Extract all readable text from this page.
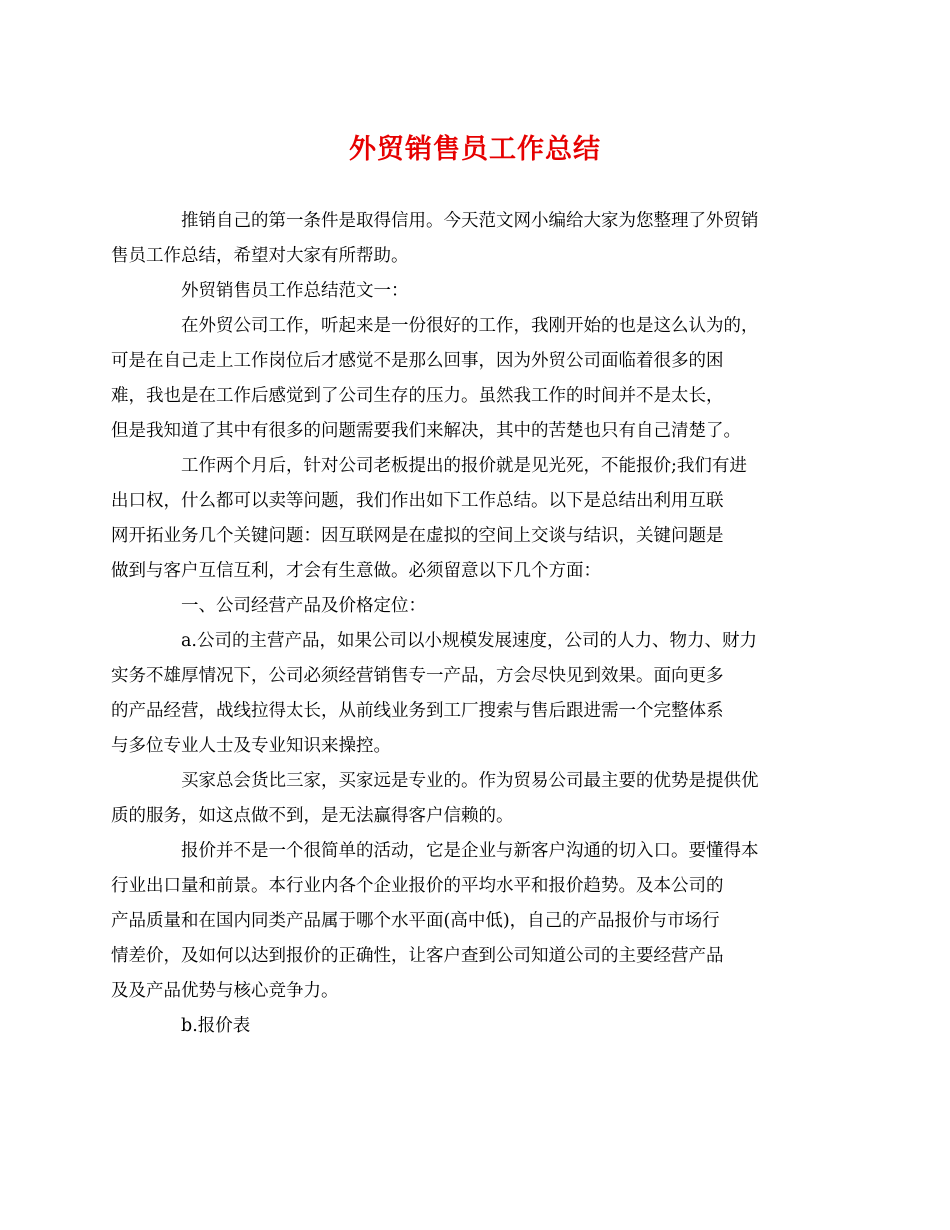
外贸销售员工作总结

推销自己的第一条件是取得信用。今天范文网小编给大家为您整理了外贸销
售员工作总结，希望对大家有所帮助。

外贸销售员工作总结范文一：

在外贸公司工作，听起来是一份很好的工作，我刚开始的也是这么认为的，
可是在自己走上工作岗位后才感觉不是那么回事，因为外贸公司面临着很多的困
难，我也是在工作后感觉到了公司生存的压力。虽然我工作的时间并不是太长，
但是我知道了其中有很多的问题需要我们来解决，其中的苦楚也只有自己清楚了。

工作两个月后，针对公司老板提出的报价就是见光死，不能报价;我们有进
出口权，什么都可以卖等问题，我们作出如下工作总结。以下是总结出利用互联
网开拓业务几个关键问题：因互联网是在虚拟的空间上交谈与结识，关键问题是
做到与客户互信互利，才会有生意做。必须留意以下几个方面：

一、公司经营产品及价格定位：

a.公司的主营产品，如果公司以小规模发展速度，公司的人力、物力、财力
实务不雄厚情况下，公司必须经营销售专一产品，方会尽快见到效果。面向更多
的产品经营，战线拉得太长，从前线业务到工厂搜索与售后跟进需一个完整体系
与多位专业人士及专业知识来操控。

买家总会货比三家，买家远是专业的。作为贸易公司最主要的优势是提供优
质的服务，如这点做不到，是无法赢得客户信赖的。

报价并不是一个很简单的活动，它是企业与新客户沟通的切入口。要懂得本
行业出口量和前景。本行业内各个企业报价的平均水平和报价趋势。及本公司的
产品质量和在国内同类产品属于哪个水平面(高中低)，自己的产品报价与市场行
情差价，及如何以达到报价的正确性，让客户查到公司知道公司的主要经营产品
及及产品优势与核心竞争力。

b.报价表
